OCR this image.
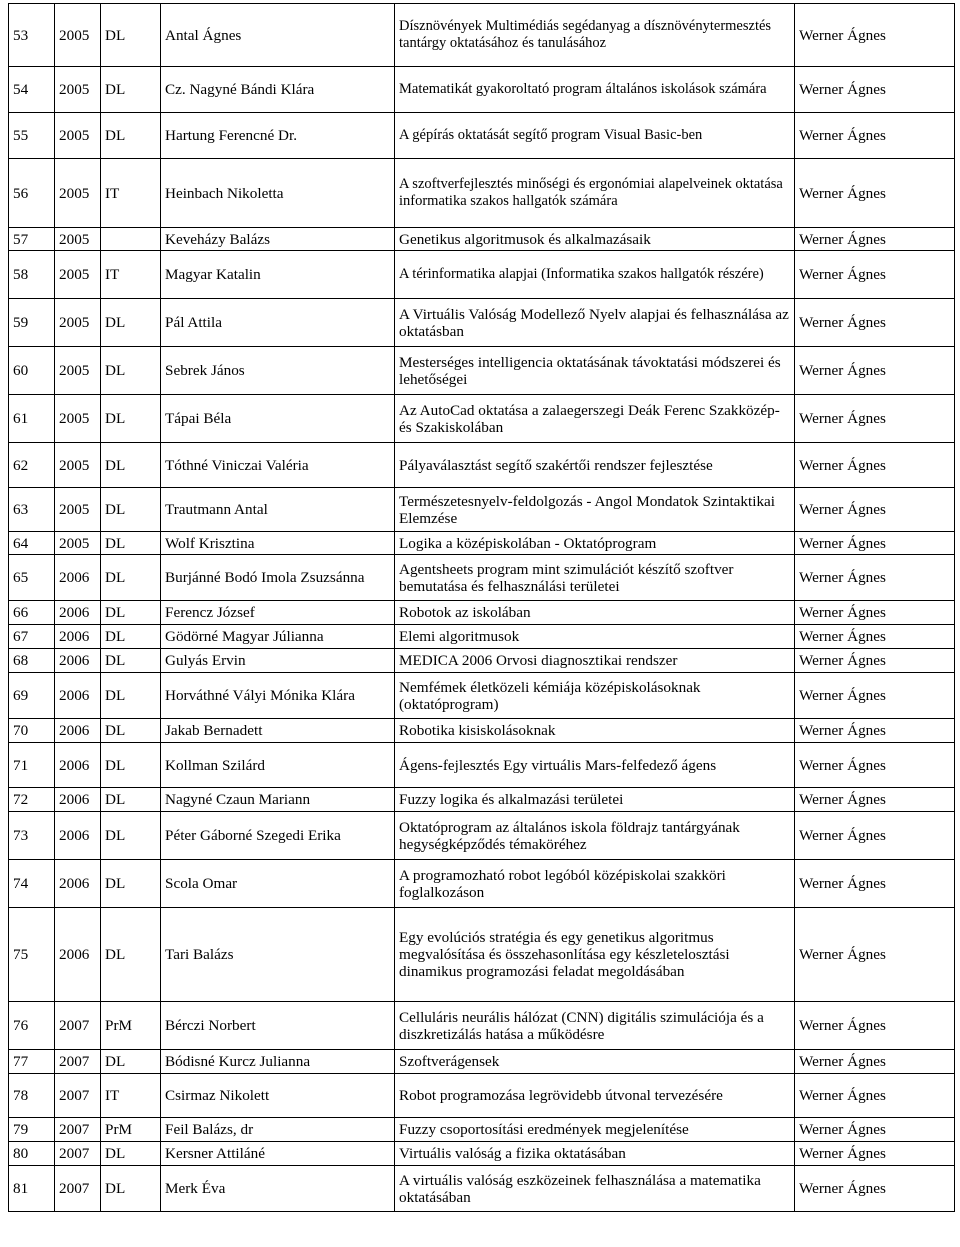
53	2005	DL	Antal Ágnes	Dísznövények Multimédiás segédanyag a dísznövénytermesztés tantárgy oktatásához és tanulásához	Werner Ágnes
54	2005	DL	Cz. Nagyné Bándi Klára	Matematikát gyakoroltató program általános iskolások számára	Werner Ágnes
55	2005	DL	Hartung Ferencné Dr.	A gépírás oktatását segítő program Visual Basic-ben	Werner Ágnes
56	2005	IT	Heinbach Nikoletta	A szoftverfejlesztés minőségi és ergonómiai alapelveinek oktatása informatika szakos hallgatók számára	Werner Ágnes
57	2005		Keveházy Balázs	Genetikus algoritmusok és alkalmazásaik	Werner Ágnes
58	2005	IT	Magyar Katalin	A térinformatika alapjai (Informatika szakos hallgatók részére)	Werner Ágnes
59	2005	DL	Pál Attila	A Virtuális Valóság Modellező Nyelv alapjai és felhasználása az oktatásban	Werner Ágnes
60	2005	DL	Sebrek János	Mesterséges intelligencia oktatásának távoktatási módszerei és lehetőségei	Werner Ágnes
61	2005	DL	Tápai Béla	Az AutoCad oktatása a zalaegerszegi Deák Ferenc Szakközép- és Szakiskolában	Werner Ágnes
62	2005	DL	Tóthné Viniczai Valéria	Pályaválasztást segítő szakértői rendszer fejlesztése	Werner Ágnes
63	2005	DL	Trautmann Antal	Természetesnyelv-feldolgozás - Angol Mondatok Szintaktikai Elemzése	Werner Ágnes
64	2005	DL	Wolf Krisztina	Logika a középiskolában - Oktatóprogram	Werner Ágnes
65	2006	DL	Burjánné Bodó Imola Zsuzsánna	Agentsheets program mint szimulációt készítő szoftver bemutatása és felhasználási területei	Werner Ágnes
66	2006	DL	Ferencz József	Robotok az iskolában	Werner Ágnes
67	2006	DL	Gödörné Magyar Júlianna	Elemi algoritmusok	Werner Ágnes
68	2006	DL	Gulyás Ervin	MEDICA 2006 Orvosi diagnosztikai rendszer	Werner Ágnes
69	2006	DL	Horváthné Vályi Mónika Klára	Nemfémek életközeli kémiája középiskolásoknak (oktatóprogram)	Werner Ágnes
70	2006	DL	Jakab Bernadett	Robotika kisiskolásoknak	Werner Ágnes
71	2006	DL	Kollman Szilárd	Ágens-fejlesztés Egy virtuális Mars-felfedező ágens	Werner Ágnes
72	2006	DL	Nagyné Czaun Mariann	Fuzzy logika és alkalmazási területei	Werner Ágnes
73	2006	DL	Péter Gáborné Szegedi Erika	Oktatóprogram az általános iskola földrajz tantárgyának hegységképződés témaköréhez	Werner Ágnes
74	2006	DL	Scola Omar	A programozható robot legóból középiskolai szakköri foglalkozáson	Werner Ágnes
75	2006	DL	Tari Balázs	Egy evolúciós stratégia és egy genetikus algoritmus megvalósítása és összehasonlítása egy készletelosztási dinamikus programozási feladat megoldásában	Werner Ágnes
76	2007	PrM	Bérczi Norbert	Celluláris neurális hálózat (CNN) digitális szimulációja és a diszkretizálás hatása a működésre	Werner Ágnes
77	2007	DL	Bódisné Kurcz Julianna	Szoftverágensek	Werner Ágnes
78	2007	IT	Csirmaz Nikolett	Robot programozása legrövidebb útvonal tervezésére	Werner Ágnes
79	2007	PrM	Feil Balázs, dr	Fuzzy csoportosítási eredmények megjelenítése	Werner Ágnes
80	2007	DL	Kersner Attiláné	Virtuális valóság a fizika oktatásában	Werner Ágnes
81	2007	DL	Merk Éva	A virtuális valóság eszközeinek felhasználása a matematika oktatásában	Werner Ágnes
